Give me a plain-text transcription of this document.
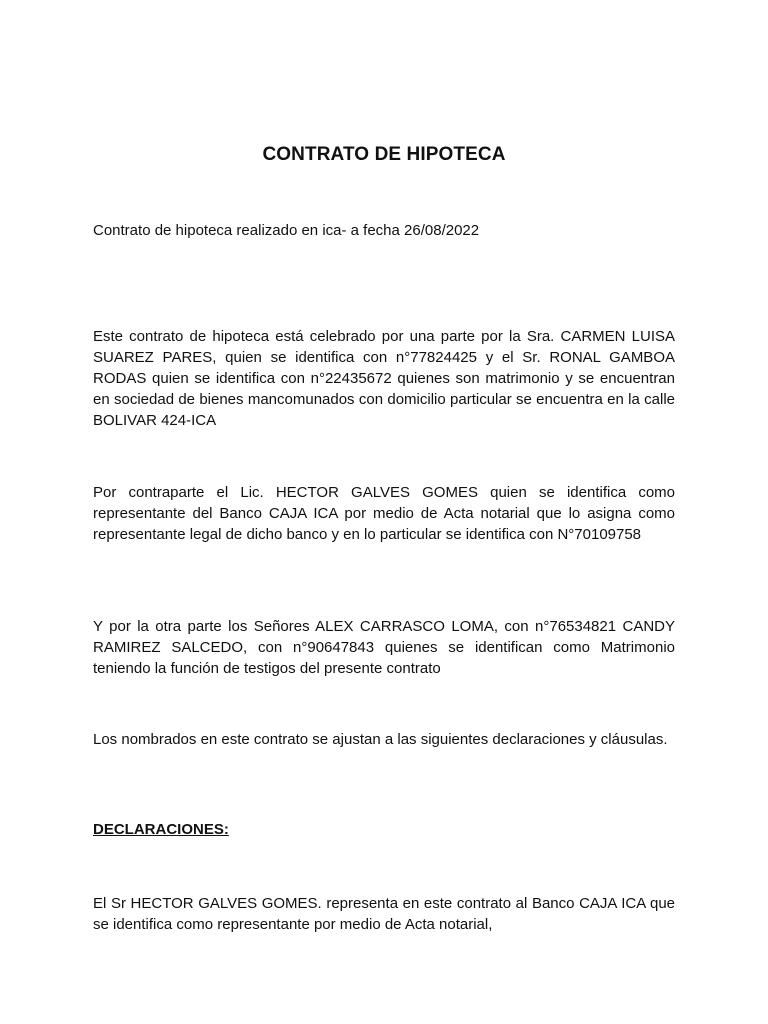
CONTRATO DE HIPOTECA

Contrato de hipoteca realizado en ica- a fecha 26/08/2022

Este contrato de hipoteca está celebrado por una parte por la Sra. CARMEN LUISA SUAREZ PARES, quien se identifica con n°77824425 y el Sr. RONAL GAMBOA RODAS quien se identifica con n°22435672 quienes son matrimonio y se encuentran en sociedad de bienes mancomunados con domicilio particular se encuentra en la calle BOLIVAR 424-ICA

Por contraparte el Lic. HECTOR GALVES GOMES quien se identifica como representante del Banco CAJA ICA por medio de Acta notarial que lo asigna como representante legal de dicho banco y en lo particular se identifica con N°70109758

Y por la otra parte los Señores ALEX CARRASCO LOMA, con n°76534821 CANDY RAMIREZ SALCEDO, con n°90647843 quienes se identifican como Matrimonio teniendo la función de testigos del presente contrato

Los nombrados en este contrato se ajustan a las siguientes declaraciones y cláusulas.

DECLARACIONES:

El Sr HECTOR GALVES GOMES. representa en este contrato al Banco CAJA ICA que se identifica como representante por medio de Acta notarial,
